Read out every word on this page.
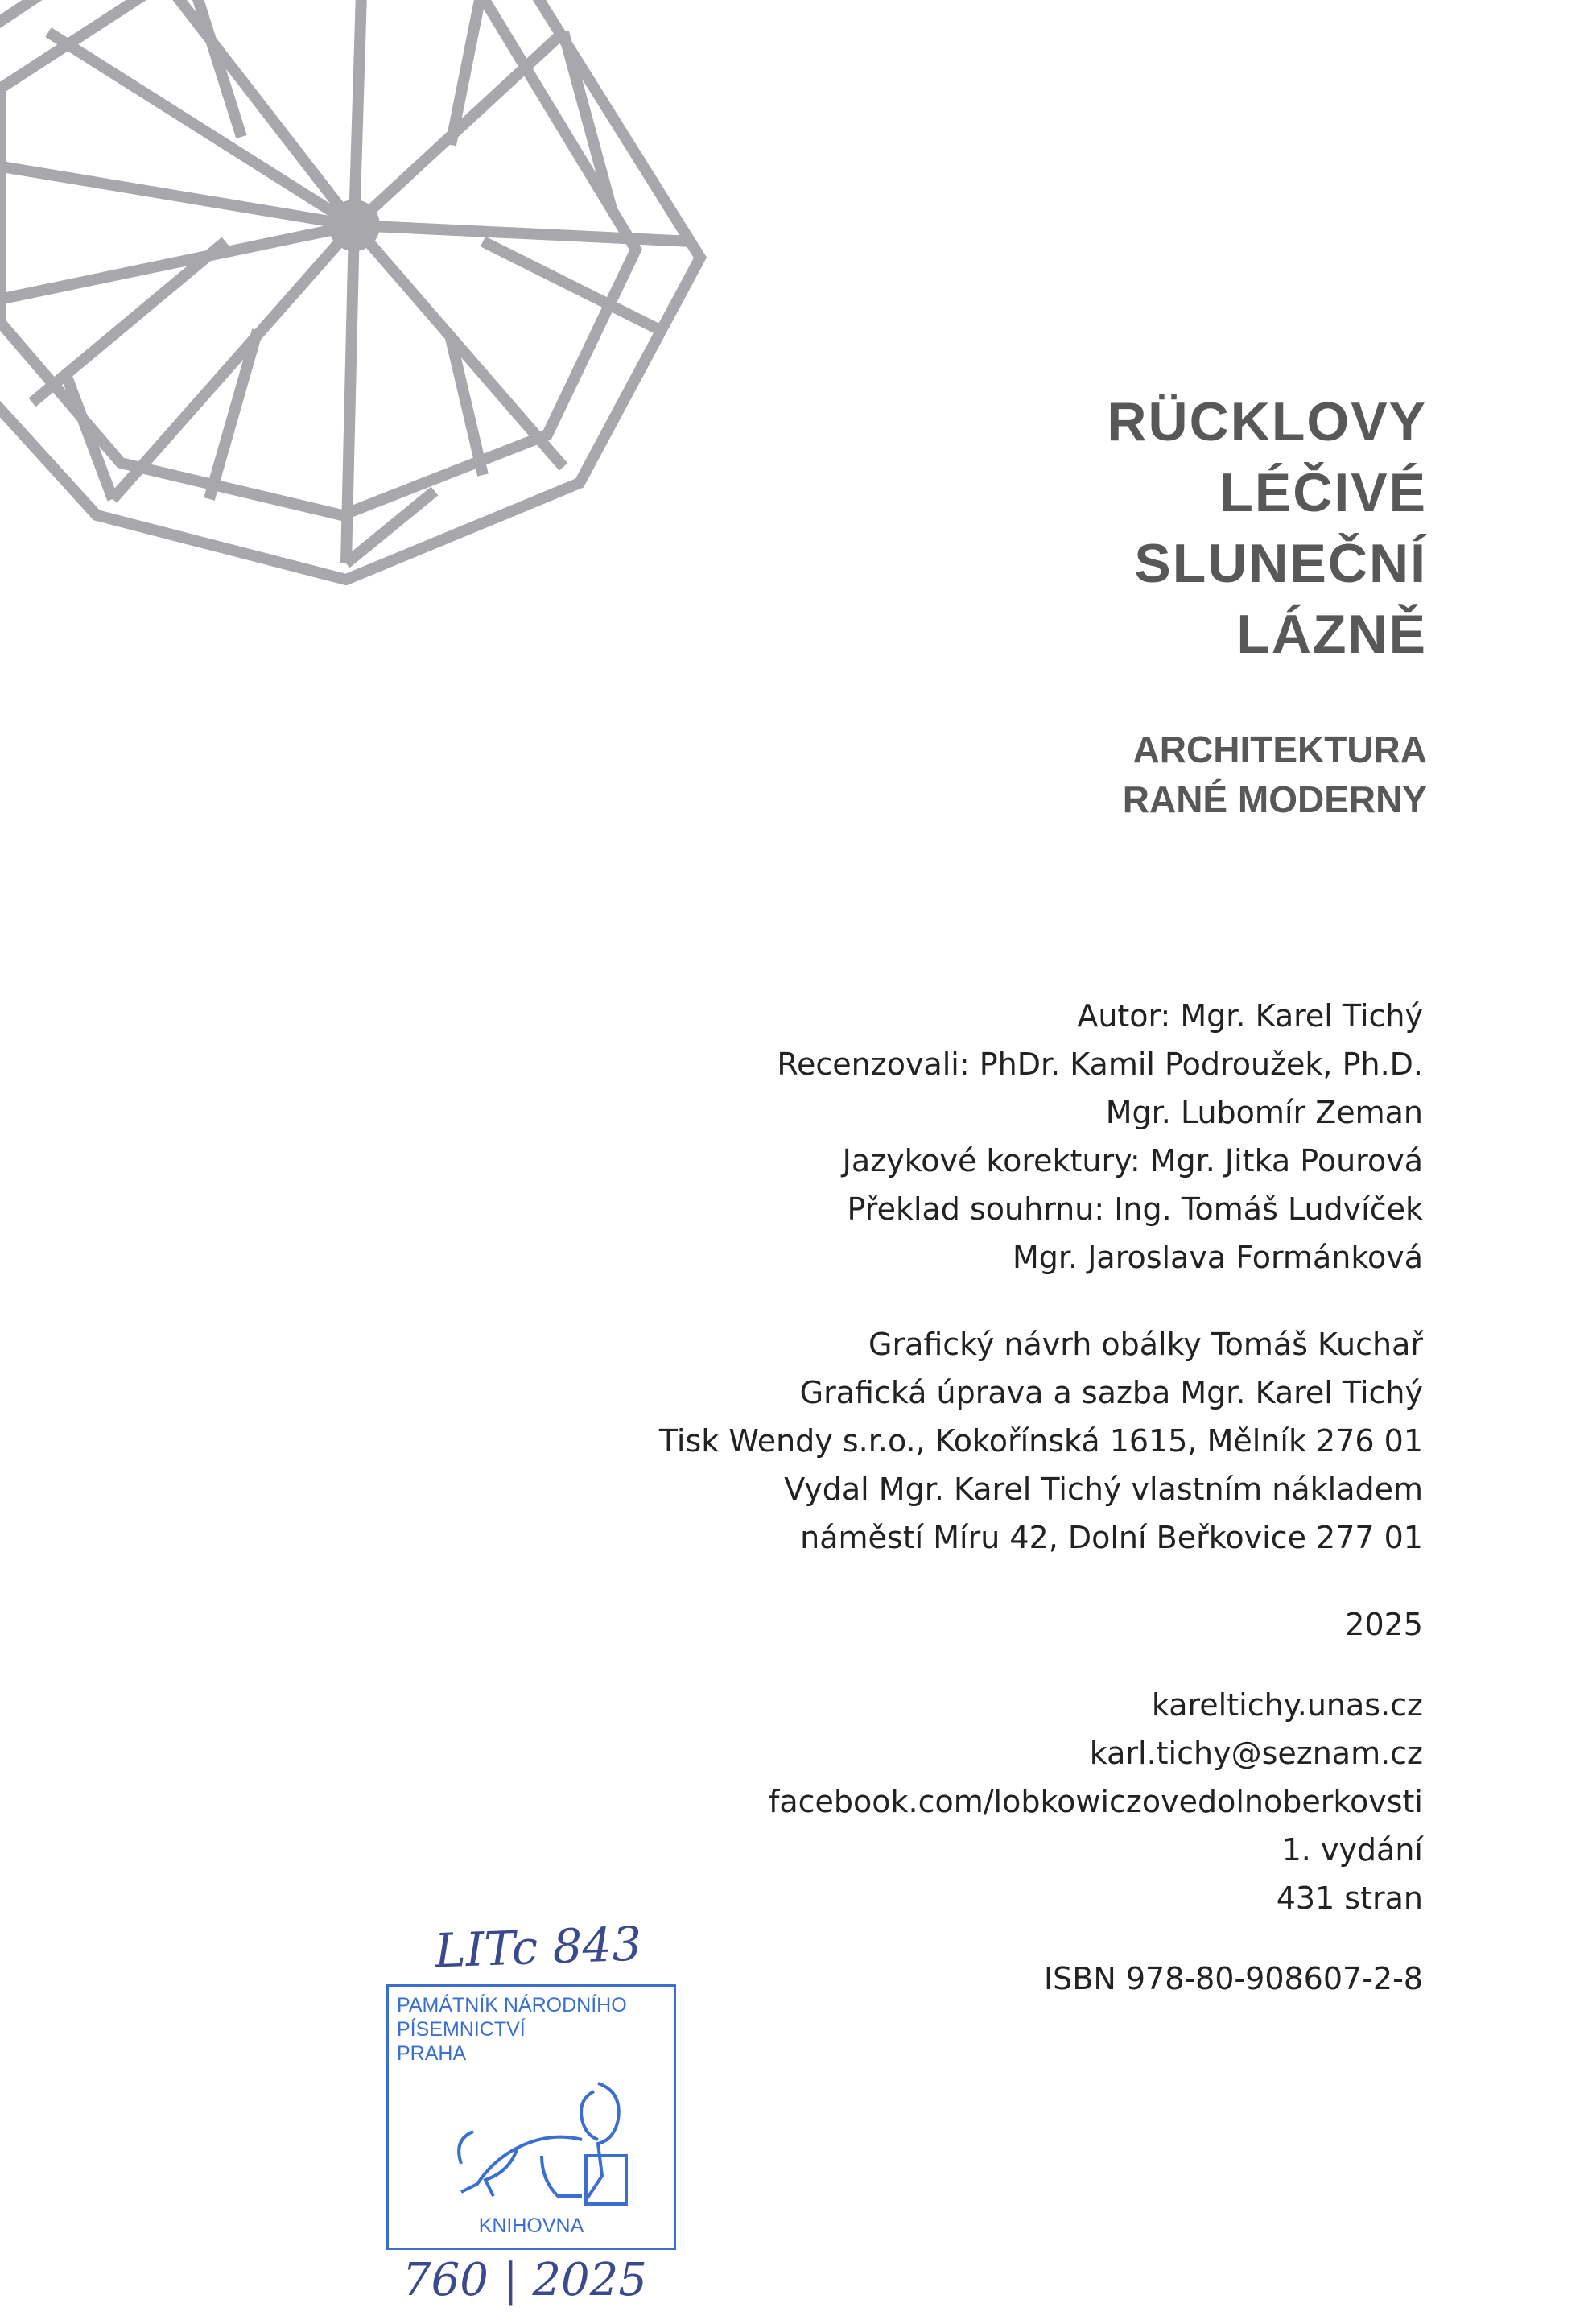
RÜCKLOVY
LÉČIVÉ
SLUNEČNÍ
LÁZNĚ
ARCHITEKTURA
RANÉ MODERNY
Autor: Mgr. Karel Tichý
Recenzovali: PhDr. Kamil Podroužek, Ph.D.
Mgr. Lubomír Zeman
Jazykové korektury: Mgr. Jitka Pourová
Překlad souhrnu: Ing. Tomáš Ludvíček
Mgr. Jaroslava Formánková
Grafický návrh obálky Tomáš Kuchař
Grafická úprava a sazba Mgr. Karel Tichý
Tisk Wendy s.r.o., Kokořínská 1615, Mělník 276 01
Vydal Mgr. Karel Tichý vlastním nákladem
náměstí Míru 42, Dolní Beřkovice 277 01
2025
kareltichy.unas.cz
karl.tichy@seznam.cz
facebook.com/lobkowiczovedolnoberkovsti
1. vydání
431 stran
ISBN 978-80-908607-2-8
LITc 843
PAMÁTNÍK NÁRODNÍHO
PÍSEMNICTVÍ
PRAHA
KNIHOVNA
760 | 2025
